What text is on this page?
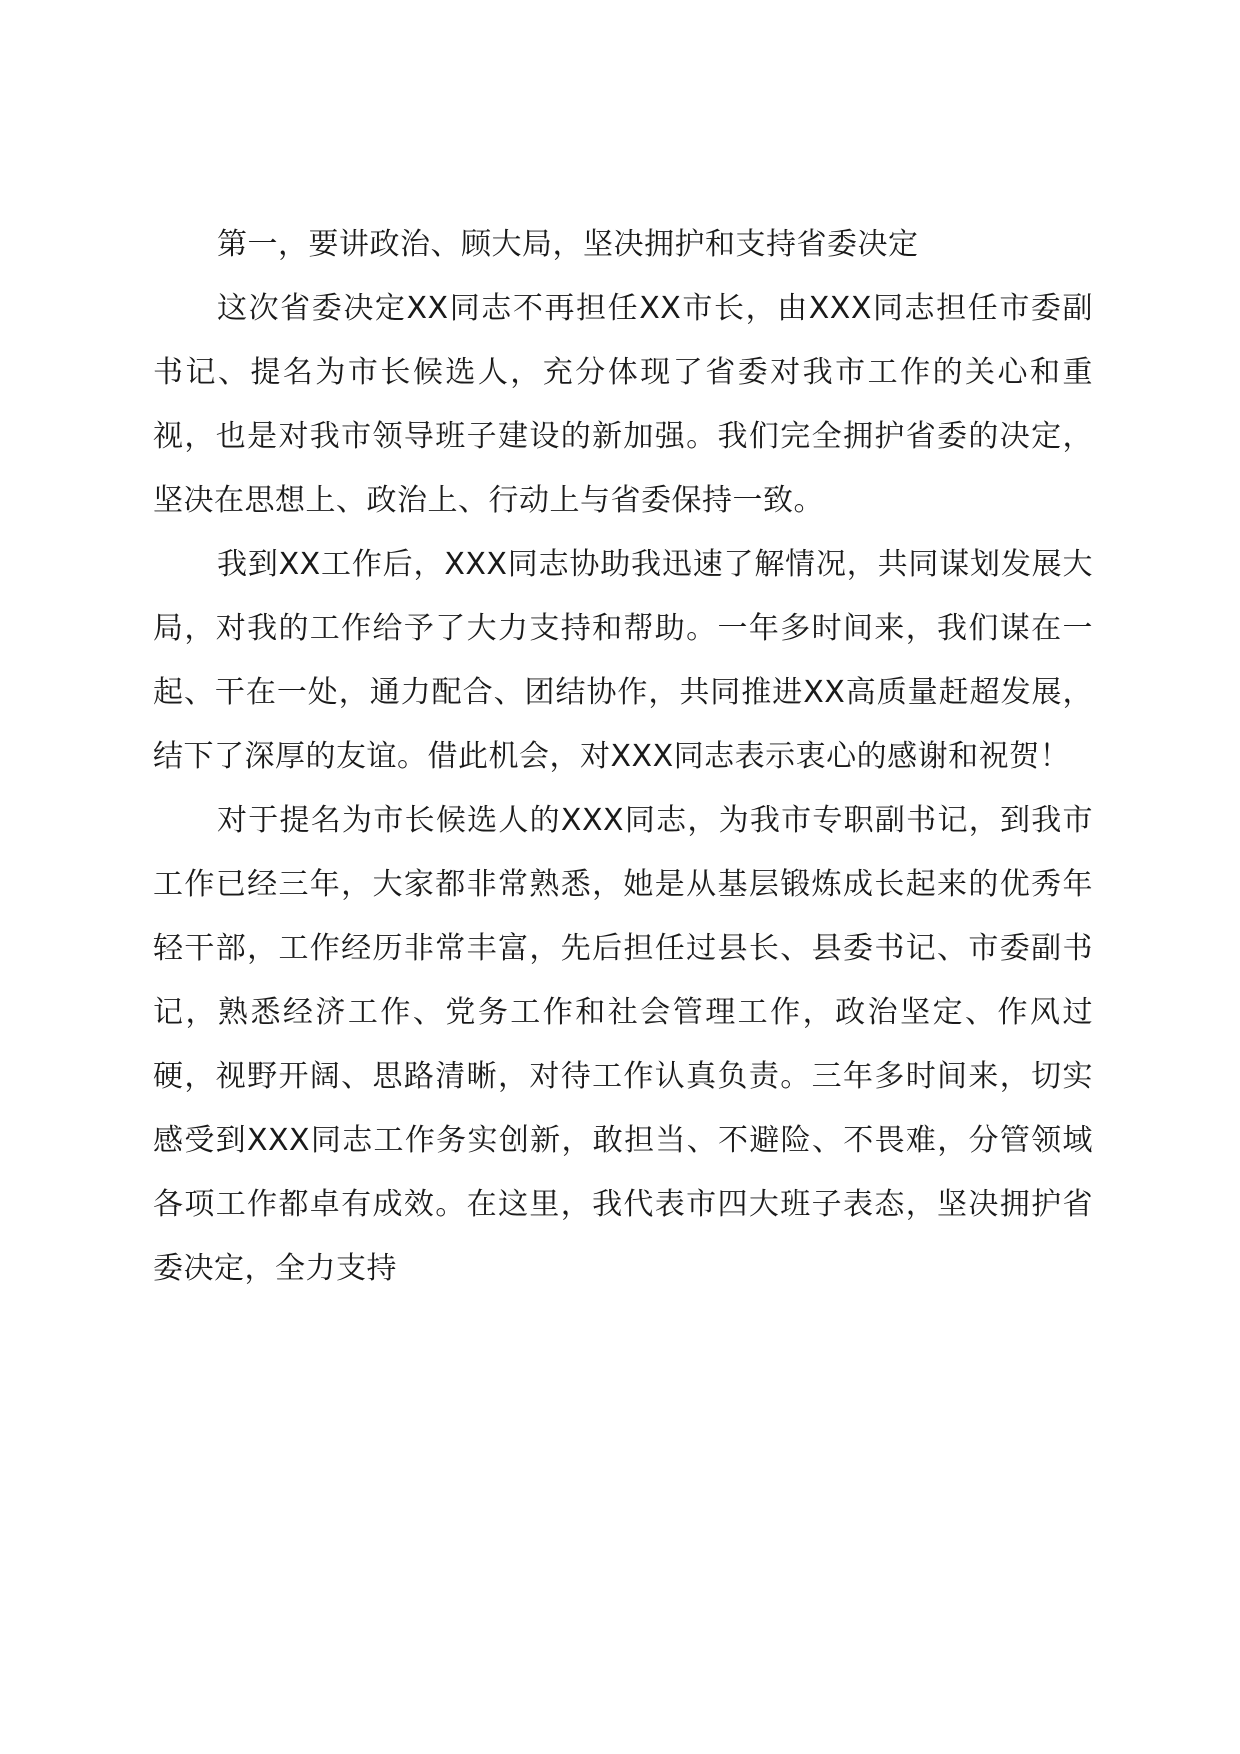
第一，要讲政治、顾大局，坚决拥护和支持省委决定

这次省委决定XX同志不再担任XX市长，由XXX同志担任市委副书记、提名为市长候选人，充分体现了省委对我市工作的关心和重视，也是对我市领导班子建设的新加强。我们完全拥护省委的决定，坚决在思想上、政治上、行动上与省委保持一致。

我到XX工作后，XXX同志协助我迅速了解情况，共同谋划发展大局，对我的工作给予了大力支持和帮助。一年多时间来，我们谋在一起、干在一处，通力配合、团结协作，共同推进XX高质量赶超发展，结下了深厚的友谊。借此机会，对XXX同志表示衷心的感谢和祝贺！

对于提名为市长候选人的XXX同志，为我市专职副书记，到我市工作已经三年，大家都非常熟悉，她是从基层锻炼成长起来的优秀年轻干部，工作经历非常丰富，先后担任过县长、县委书记、市委副书记，熟悉经济工作、党务工作和社会管理工作，政治坚定、作风过硬，视野开阔、思路清晰，对待工作认真负责。三年多时间来，切实感受到XXX同志工作务实创新，敢担当、不避险、不畏难，分管领域各项工作都卓有成效。在这里，我代表市四大班子表态，坚决拥护省委决定，全力支持
